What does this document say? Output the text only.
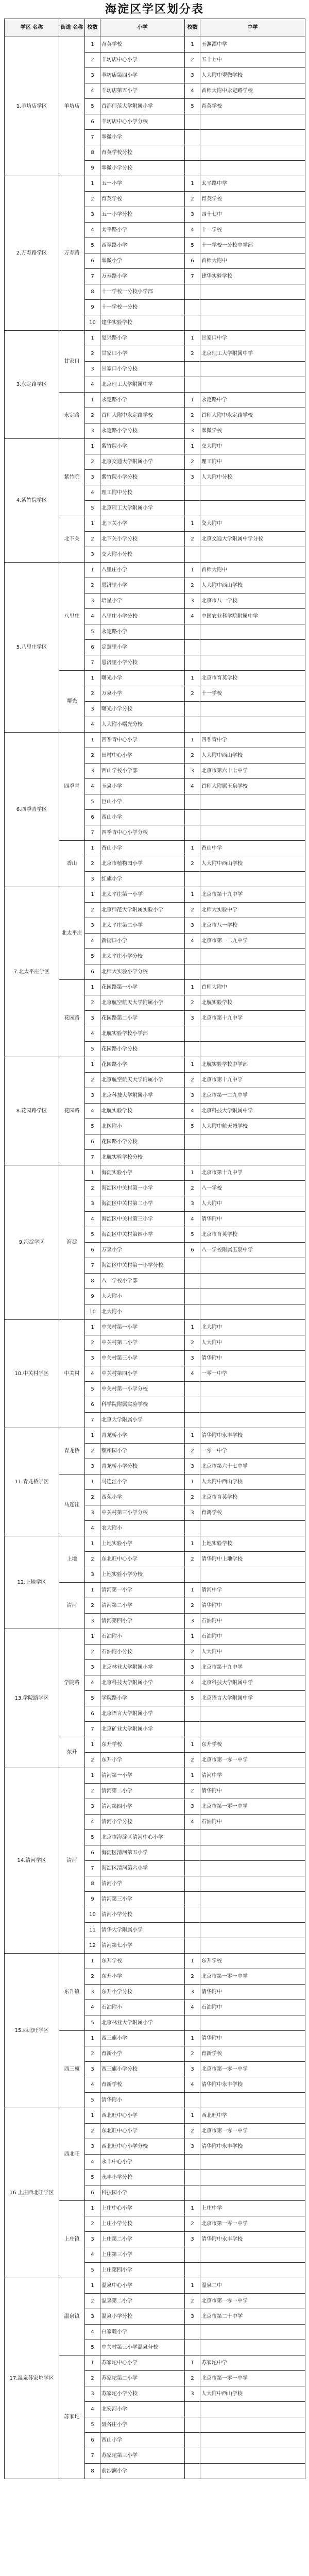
海淀区学区划分表
学区 名称	街道 名称	校数	小学	校数	中学
1.羊坊店学区	羊坊店	1	育英学校	1	玉渊潭中学
		2	羊坊店中心小学	2	五十七中
		3	羊坊店第四小学	3	人大附中翠微学校
		4	羊坊店第五小学	4	首师大附中永定路学校
		5	首都师范大学附属小学	5	育英学校
		6	羊坊店中心小学分校		
		7	翠微小学		
		8	育英学校分校		
		9	翠微小学分校		
2.万寿路学区	万寿路	1	五一小学	1	太平路中学
		2	育英学校	2	育英学校
		3	五一小学分校	3	四十七中
		4	太平路小学	4	十一学校
		5	西翠路小学	5	十一学校一分校中学部
		6	翠微小学	6	首师大附中
		7	万寿路小学	7	建华实验学校
		8	十一学校一分校小学部		
		9	十一学校一分校		
		10	建华实验学校		
3.永定路学区	甘家口	1	复兴路小学	1	甘家口中学
		2	甘家口小学	2	北京理工大学附属中学
		3	甘家口小学分校		
		4	北京理工大学附属中学		
	永定路	1	永定路小学	1	永定路中学
		2	首师大附中永定路学校	2	首师大附中永定路学校
		3	永定路小学分校	3	翠微学校
4.紫竹院学区	紫竹院	1	紫竹院小学	1	交大附中
		2	北京交通大学附属小学	2	理工附中
		3	紫竹院小学分校	3	人大附中分校
		4	理工附中分校		
		5	北京理工大学附属小学		
	北下关	1	北下关小学	1	交大附中
		2	北下关小学分校	2	北京交通大学附属中学分校
		3	交大附小分校		
5.八里庄学区	八里庄	1	八里庄小学	1	首师大附中
		2	恩济里小学	2	人大附中西山学校
		3	培星小学	3	北京市八一学校
		4	八里庄小学分校	4	中国农业科学院附属中学
		5	永定路小学		
		6	定慧里小学		
		7	恩济里小学分校		
	曙光	1	曙光小学	1	北京市育英学校
		2	万泉小学	2	十一学校
		3	曙光小学分校		
		4	人大附小曙光分校		
6.四季青学区	四季青	1	四季青中心小学	1	四季青中学
		2	田村中心小学	2	人大附中西山学校
		3	西山学校小学部	3	北京市第六十七中学
		4	玉泉小学	4	首师大附属玉泉学校
		5	巨山小学		
		6	西山小学		
		7	四季青中心小学分校		
	香山	1	香山小学	1	香山中学
		2	北京市植物园小学	2	人大附中西山学校
		3	红旗小学		
7.北太平庄学区	北太平庄	1	北太平庄第一小学	1	北京市第十九中学
		2	北京师范大学附属实验小学	2	北师大实验中学
		3	北太平庄第二小学	3	北京市八一学校
		4	新街口小学	4	北京市第一二九中学
		5	北太平庄小学分校		
		6	北师大实验小学分校		
	花园路	1	花园路第一小学	1	首师大附中
		2	北京航空航天大学附属小学	2	北航实验学校
		3	花园路第二小学	3	北京市第十九中学
		4	北航实验学校小学部		
		5	花园路小学分校		
8.花园路学区	花园路	1	花园路小学	1	北航实验学校中学部
		2	北京航空航天大学附属小学	2	北京市第十九中学
		3	北京科技大学附属小学	3	北京市第一二九中学
		4	北航实验学校	4	北京科技大学附属中学
		5	北医附小	5	人大附中航天城学校
		6	花园路小学分校		
		7	北航实验学校分校		
9.海淀学区	海淀	1	海淀实验小学	1	北京市第十九中学
		2	海淀区中关村第一小学	2	八一学校
		3	海淀区中关村第二小学	3	人大附中
		4	海淀区中关村第三小学	4	清华附中
		5	海淀区中关村第四小学	5	北京市育英学校
		6	万泉小学	6	八一学校附属玉泉中学
		7	海淀区中关村第一小学分校		
		8	八一学校小学部		
		9	人大附小		
		10	北大附小		
10.中关村学区	中关村	1	中关村第一小学	1	北大附中
		2	中关村第二小学	2	人大附中
		3	中关村第三小学	3	清华附中
		4	中关村第四小学	4	一零一中学
		5	中关村第一小学分校		
		6	科学院附属实验学校		
		7	北京大学附属小学		
11.青龙桥学区	青龙桥	1	青龙桥小学	1	清华附中永丰学校
		2	颐和园小学	2	一零一中学
		3	青龙桥小学分校	3	北京市第六十七中学
	马连洼	1	马连洼小学	1	人大附中西山学校
		2	西苑小学	2	北京市育英学校
		3	中关村第三小学分校	3	育鸿学校
		4	农大附小		
12.上地学区	上地	1	上地实验小学	1	上地实验学校
		2	东北旺中心小学	2	清华附中上地学校
		3	上地实验小学分校		
	清河	1	清河第一小学	1	清河中学
		2	清河第二小学	2	清华附中
		3	清河第四小学	3	石油附中
13.学院路学区	学院路	1	石油附小	1	石油附中
		2	石油附小分校	2	人大附中
		3	北京林业大学附属小学	3	北京市第十九中学
		4	北京科技大学附属小学	4	北京科技大学附属中学
		5	学院路小学	5	北京语言大学附属中学
		6	北京语言大学附属小学		
		7	北京矿业大学附属小学		
	东升	1	东升学校	1	东升学校
		2	东升小学	2	北京市第一零一中学
14.清河学区	清河	1	清河第一小学	1	清河中学
		2	清河第二小学	2	清华附中
		3	清河第四小学	3	北京市第一零一中学
		4	清河小学分校	4	石油附中
		5	北京市海淀区清河中心小学		
		6	海淀区清河第五小学		
		7	海淀区清河第六小学		
		8	清河小学		
		9	清河第三小学		
		10	清河小学分校		
		11	清华大学附属小学		
		12	清河第七小学		
15.西北旺学区	东升镇	1	东升学校	1	东升学校
		2	东升小学	2	北京市第一零一中学
		3	东升小学分校	3	清华附中
		4	石油附小	4	石油附中
		5	北京林业大学附属小学		
	西三旗	1	西三旗小学	1	清华附中
		2	育新小学	2	育新学校
		3	西三旗小学分校	3	北京市第一零一中学
		4	育新学校	4	清华附中永丰学校
		5	清华附小		
16.上庄西北旺学区	西北旺	1	西北旺中心小学	1	西北旺中学
		2	东北旺中心小学	2	北京市第一零一中学
		3	西北旺中心小学分校	3	清华附中永丰学校
		4	永丰中心小学		
		5	永丰小学分校		
		6	科技园小学		
	上庄镇	1	上庄中心小学	1	上庄中学
		2	上庄小学分校	2	北京市第一零一中学
		3	上庄第二小学	3	清华附中永丰学校
		4	上庄第三小学		
		5	上庄第四小学		
17.温泉苏家坨学区	温泉镇	1	温泉中心小学	1	温泉二中
		2	温泉第二小学	2	北京市第一零一中学
		3	温泉小学分校	3	北京市第二十中学
		4	白家疃小学		
		5	中关村第三小学温泉分校		
	苏家坨	1	苏家坨中心小学	1	苏家坨中学
		2	苏家坨第二小学	2	北京市第一零一中学
		3	苏家坨小学分校	3	人大附中西山学校
		4	北安河小学		
		5	聂各庄小学		
		6	西山小学		
		7	苏家坨第三小学		
		8	前沙涧小学		
